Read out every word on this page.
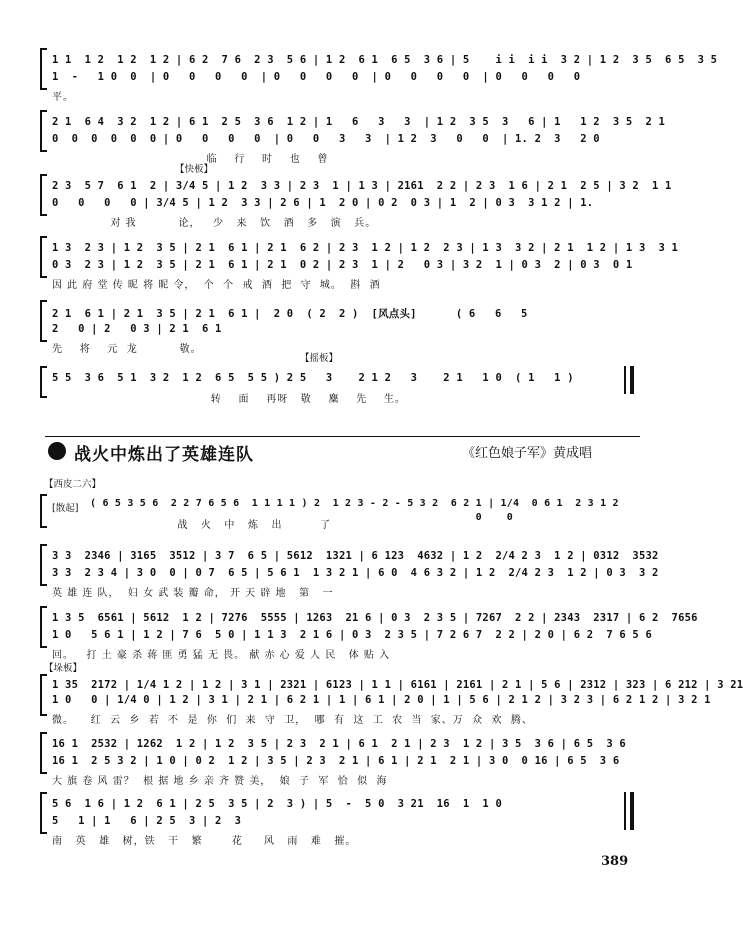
1 1  1 2  1 2  1 2 | 6 2  7 6  2 3  5 6 | 1 2  6 1  6 5  3 6 | 5    i i  i i  3 2 | 1 2  3 5  6 5  3 5
1  -   1 0  0  | 0   0   0   0  | 0   0   0   0  | 0   0   0   0  | 0   0   0   0
平。
2 1  6 4  3 2  1 2 | 6 1  2 5  3 6  1 2 | 1   6   3   3  | 1 2  3 5  3   6 | 1   1 2  3 5  2 1
0  0  0  0  0  0 | 0   0   0   0  | 0   0   3   3  | 1 2  3   0   0  | 1. 2  3   2 0
临    行    时    也    曾
【快板】
2 3  5 7  6 1  2 | 3/4 5 | 1 2  3 3 | 2 3  1 | 1 3 | 2161  2 2 | 2 3  1 6 | 2 1  2 5 | 3 2  1 1
0   0   0   0 | 3/4 5 | 1 2  3 3 | 2 6 | 1  2 0 | 0 2  0 3 | 1  2 | 0 3  3 1 2 | 1.
对 我          论，   少   来   饮   酒   多   演   兵。
1 3  2 3 | 1 2  3 5 | 2 1  6 1 | 2 1  6 2 | 2 3  1 2 | 1 2  2 3 | 1 3  3 2 | 2 1  1 2 | 1 3  3 1
0 3  2 3 | 1 2  3 5 | 2 1  6 1 | 2 1  0 2 | 2 3  1 | 2   0 3 | 3 2  1 | 0 3  2 | 0 3  0 1
因 此 府 堂 传 昵 将 昵 令，  个  个  戒  酒  把  守  城。  斟  酒
2 1  6 1 | 2 1  3 5 | 2 1  6 1 |  2 0  ( 2  2 )  [风点头]      ( 6   6   5
2   0 | 2   0 3 | 2 1  6 1
先    将    元  龙          敬。
【摇板】
5 5  3 6  5 1  3 2  1 2  6 5  5 5 ) 2 5   3    2 1 2   3    2 1   1 0  ( 1   1 )
转    面    再呀   敬    麋    先    生。
战火中炼出了英雄连队	《红色娘子军》黄成唱
【西皮二六】
[散起] ( 6 5 3 5 6  2 2 7 6 5 6  1 1 1 1 ) 2  1 2 3 - 2 - 5 3 2  6 2 1 | 1/4  0 6 1  2 3 1 2
0    0
战   火   中   炼   出         了
3 3  2346 | 3165  3512 | 3 7  6 5 | 5612  1321 | 6 123  4632 | 1 2  2/4 2 3  1 2 | 0312  3532
3 3  2 3 4 | 3 0  0 | 0 7  6 5 | 5 6 1  1 3 2 1 | 6 0  4 6 3 2 | 1 2  2/4 2 3  1 2 | 0 3  3 2
英 雄 连 队，  妇 女 武 装 瓣 命， 开 天 辟 地   第   一
1 3 5  6561 | 5612  1 2 | 7276  5555 | 1263  21 6 | 0 3  2 3 5 | 7267  2 2 | 2343  2317 | 6 2  7656
1 0   5 6 1 | 1 2 | 7 6  5 0 | 1 1 3  2 1 6 | 0 3  2 3 5 | 7 2 6 7  2 2 | 2 0 | 6 2  7 6 5 6
回。   打 土 豪 杀 蒋 匪 勇 猛 无 畏。 献 赤 心 爱 人 民   体 贴 入
【垛板】
1 35  2172 | 1/4 1 2 | 1 2 | 3 1 | 2321 | 6123 | 1 1 | 6161 | 2161 | 2 1 | 5 6 | 2312 | 323 | 6 212 | 3 21
1 0   0 | 1/4 0 | 1 2 | 3 1 | 2 1 | 6 2 1 | 1 | 6 1 | 2 0 | 1 | 5 6 | 2 1 2 | 3 2 3 | 6 2 1 2 | 3 2 1
微。    红  云  乡  若  不  是  你  们  来  守  卫，  哪  有  这  工  农  当  家、万  众  欢  腾、
16 1  2532 | 1262  1 2 | 1 2  3 5 | 2 3  2 1 | 6 1  2 1 | 2 3  1 2 | 3 5  3 6 | 6 5  3 6
16 1  2 5 3 2 | 1 0 | 0 2  1 2 | 3 5 | 2 3  2 1 | 6 1 | 2 1  2 1 | 3 0  0 16 | 6 5  3 6
大 旗 卷 风 雷？  根 据 地 乡 亲 齐 赞 美，  娘  子  军  恰  似  海
5 6  1 6 | 1 2  6 1 | 2 5  3 5 | 2  3 ) | 5  -  5 0  3 21  16  1  1 0
5   1 | 1   6 | 2 5  3 | 2  3
南   英   雄   树，铁   干   繁       花     风   雨   难   摧。
389
